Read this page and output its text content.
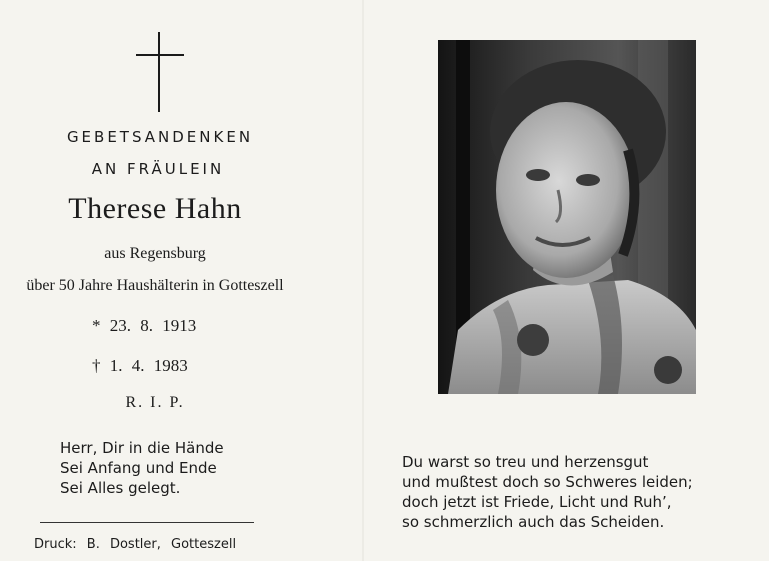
GEBETSANDENKEN
AN FRÄULEIN
Therese Hahn
aus Regensburg
über 50 Jahre Haushälterin in Gotteszell
* 23. 8. 1913
† 1. 4. 1983
R. I. P.
Herr, Dir in die Hände
Sei Anfang und Ende
Sei Alles gelegt.
Druck: B. Dostler, Gotteszell
Du warst so treu und herzensgut
und mußtest doch so Schweres leiden;
doch jetzt ist Friede, Licht und Ruh’,
so schmerzlich auch das Scheiden.
